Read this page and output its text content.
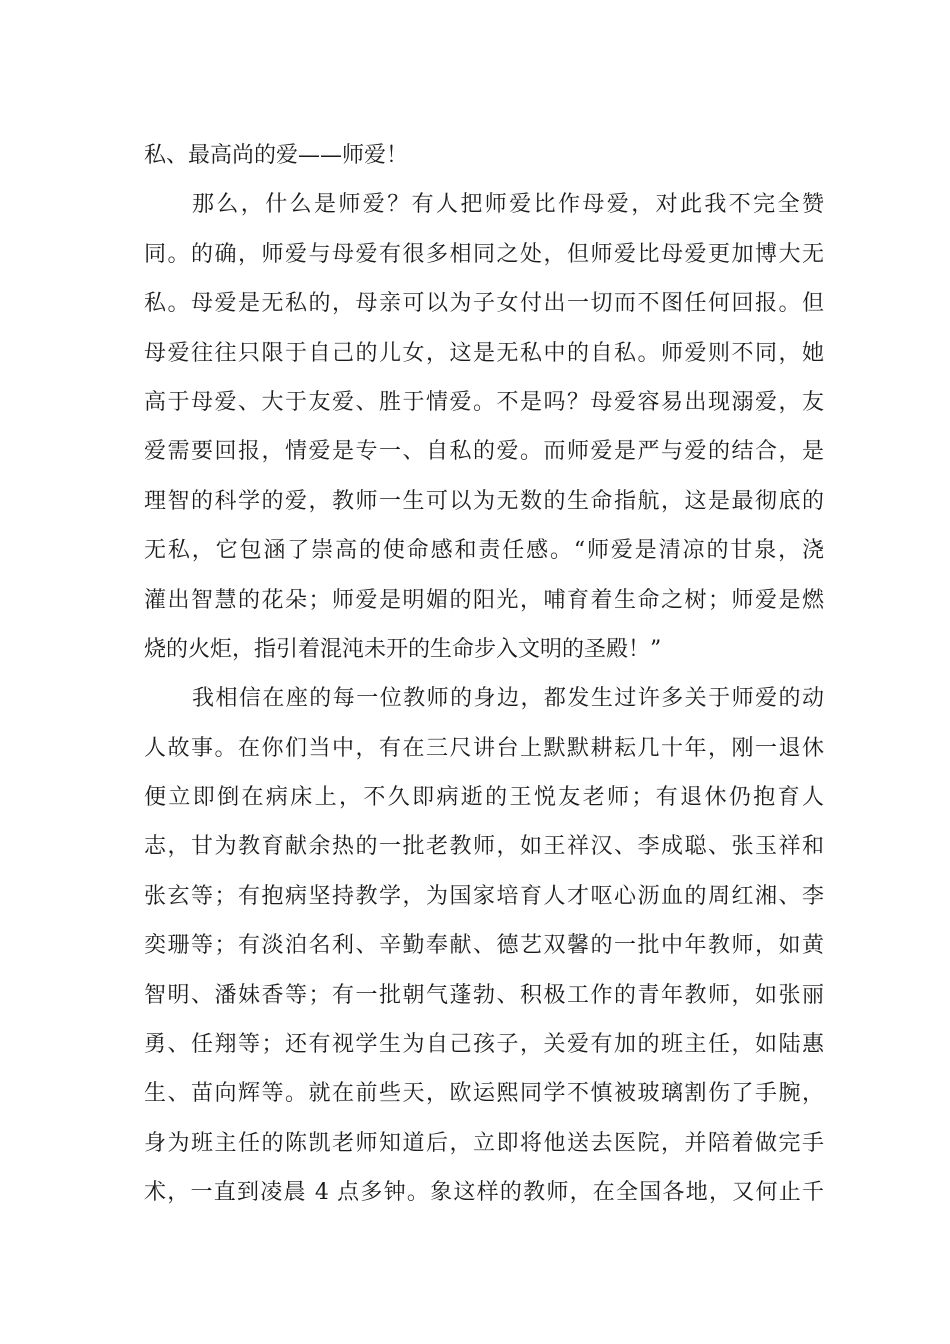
私、最高尚的爱——师爱！
那么，什么是师爱？有人把师爱比作母爱，对此我不完全赞
同。的确，师爱与母爱有很多相同之处，但师爱比母爱更加博大无
私。母爱是无私的，母亲可以为子女付出一切而不图任何回报。但
母爱往往只限于自己的儿女，这是无私中的自私。师爱则不同，她
高于母爱、大于友爱、胜于情爱。不是吗？母爱容易出现溺爱，友
爱需要回报，情爱是专一、自私的爱。而师爱是严与爱的结合，是
理智的科学的爱，教师一生可以为无数的生命指航，这是最彻底的
无私，它包涵了崇高的使命感和责任感。“师爱是清凉的甘泉，浇
灌出智慧的花朵；师爱是明媚的阳光，哺育着生命之树；师爱是燃
烧的火炬，指引着混沌未开的生命步入文明的圣殿！”
我相信在座的每一位教师的身边，都发生过许多关于师爱的动
人故事。在你们当中，有在三尺讲台上默默耕耘几十年，刚一退休
便立即倒在病床上，不久即病逝的王悦友老师；有退休仍抱育人
志，甘为教育献余热的一批老教师，如王祥汉、李成聪、张玉祥和
张玄等；有抱病坚持教学，为国家培育人才呕心沥血的周红湘、李
奕珊等；有淡泊名利、辛勤奉献、德艺双馨的一批中年教师，如黄
智明、潘妹香等；有一批朝气蓬勃、积极工作的青年教师，如张丽
勇、任翔等；还有视学生为自己孩子，关爱有加的班主任，如陆惠
生、苗向辉等。就在前些天，欧运熙同学不慎被玻璃割伤了手腕，
身为班主任的陈凯老师知道后，立即将他送去医院，并陪着做完手
术，一直到凌晨 4 点多钟。象这样的教师，在全国各地，又何止千
